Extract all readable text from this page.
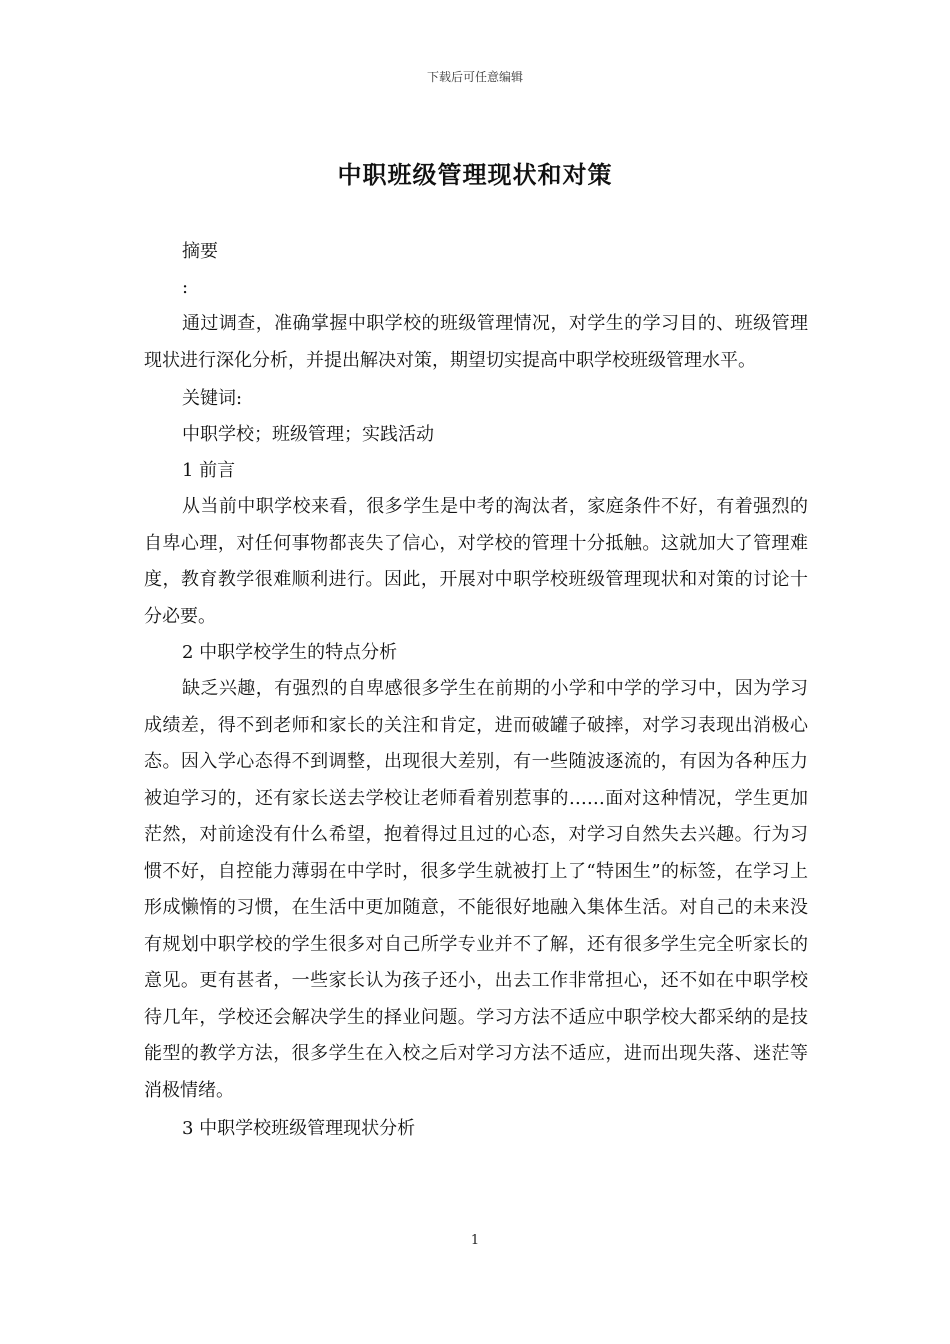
下载后可任意编辑
中职班级管理现状和对策

摘要

:

通过调查，准确掌握中职学校的班级管理情况，对学生的学习目的、班级管理现状进行深化分析，并提出解决对策，期望切实提高中职学校班级管理水平。

关键词:

中职学校；班级管理；实践活动

1 前言

从当前中职学校来看，很多学生是中考的淘汰者，家庭条件不好，有着强烈的自卑心理，对任何事物都丧失了信心，对学校的管理十分抵触。这就加大了管理难度，教育教学很难顺利进行。因此，开展对中职学校班级管理现状和对策的讨论十分必要。

2 中职学校学生的特点分析

缺乏兴趣，有强烈的自卑感很多学生在前期的小学和中学的学习中，因为学习成绩差，得不到老师和家长的关注和肯定，进而破罐子破摔，对学习表现出消极心态。因入学心态得不到调整，出现很大差别，有一些随波逐流的，有因为各种压力被迫学习的，还有家长送去学校让老师看着别惹事的……面对这种情况，学生更加茫然，对前途没有什么希望，抱着得过且过的心态，对学习自然失去兴趣。行为习惯不好，自控能力薄弱在中学时，很多学生就被打上了“特困生”的标签，在学习上形成懒惰的习惯，在生活中更加随意，不能很好地融入集体生活。对自己的未来没有规划中职学校的学生很多对自己所学专业并不了解，还有很多学生完全听家长的意见。更有甚者，一些家长认为孩子还小，出去工作非常担心，还不如在中职学校待几年，学校还会解决学生的择业问题。学习方法不适应中职学校大都采纳的是技能型的教学方法，很多学生在入校之后对学习方法不适应，进而出现失落、迷茫等消极情绪。

3 中职学校班级管理现状分析

1
